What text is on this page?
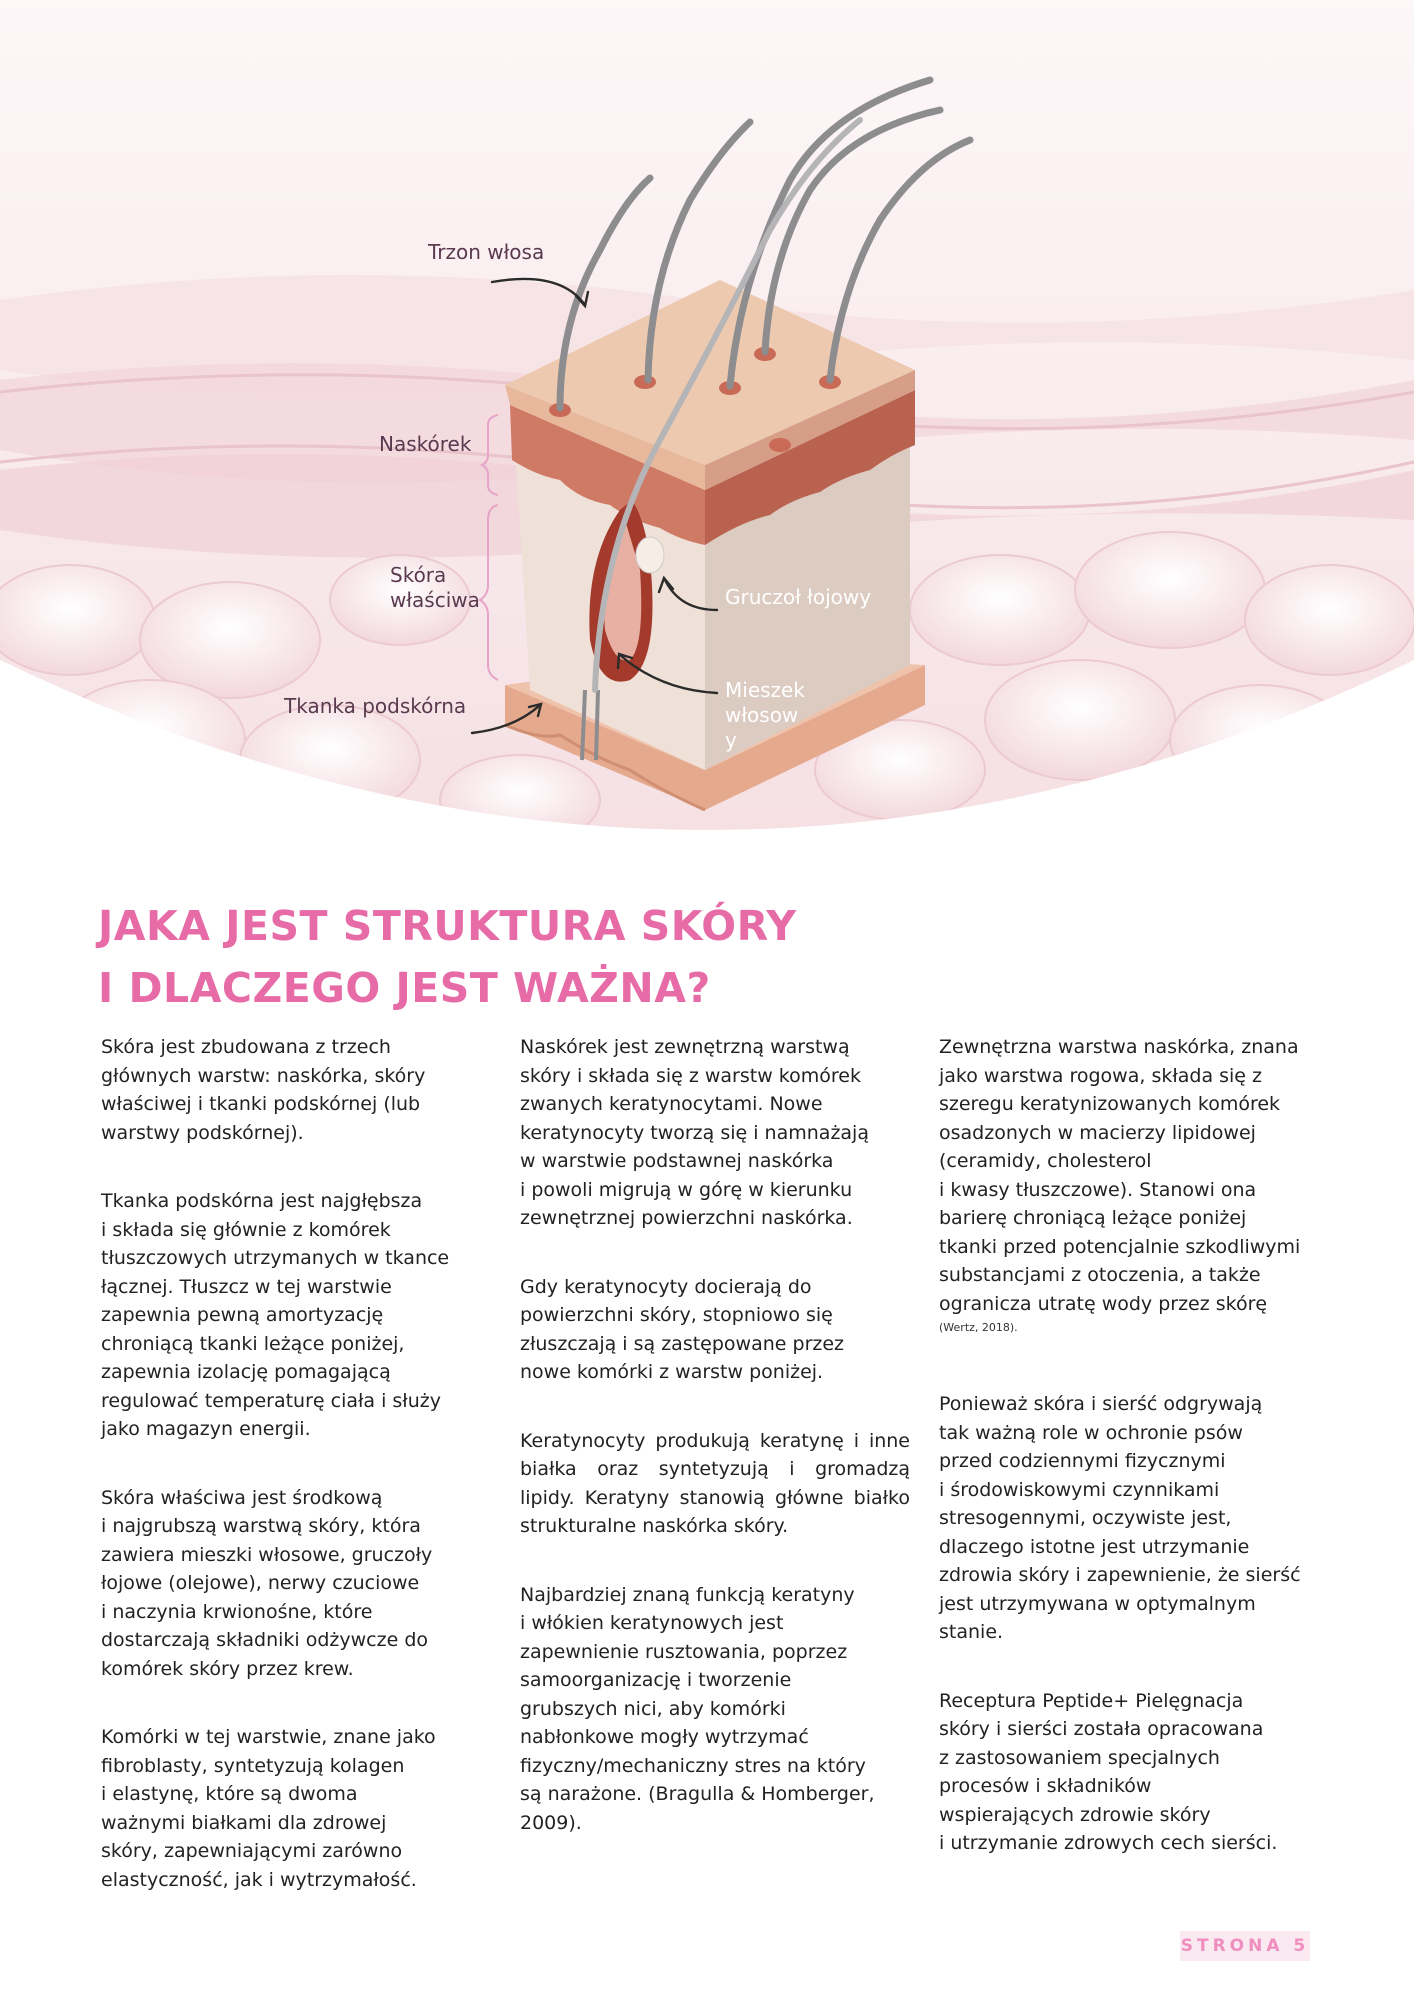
Trzon włosa
Naskórek
Skóra
właściwa
Tkanka podskórna
Gruczoł łojowy
Mieszek
włosow
y
JAKA JEST STRUKTURA SKÓRY
I DLACZEGO JEST WAŻNA?

Skóra jest zbudowana z trzech
głównych warstw: naskórka, skóry
właściwej i tkanki podskórnej (lub
warstwy podskórnej).

Tkanka podskórna jest najgłębsza
i składa się głównie z komórek
tłuszczowych utrzymanych w tkance
łącznej. Tłuszcz w tej warstwie
zapewnia pewną amortyzację
chroniącą tkanki leżące poniżej,
zapewnia izolację pomagającą
regulować temperaturę ciała i służy
jako magazyn energii.

Skóra właściwa jest środkową
i najgrubszą warstwą skóry, która
zawiera mieszki włosowe, gruczoły
łojowe (olejowe), nerwy czuciowe
i naczynia krwionośne, które
dostarczają składniki odżywcze do
komórek skóry przez krew.

Komórki w tej warstwie, znane jako
fibroblasty, syntetyzują kolagen
i elastynę, które są dwoma
ważnymi białkami dla zdrowej
skóry, zapewniającymi zarówno
elastyczność, jak i wytrzymałość.

Naskórek jest zewnętrzną warstwą
skóry i składa się z warstw komórek
zwanych keratynocytami. Nowe
keratynocyty tworzą się i namnażają
w warstwie podstawnej naskórka
i powoli migrują w górę w kierunku
zewnętrznej powierzchni naskórka.

Gdy keratynocyty docierają do
powierzchni skóry, stopniowo się
złuszczają i są zastępowane przez
nowe komórki z warstw poniżej.

Keratynocyty produkują keratynę i inne białka oraz syntetyzują i gromadzą lipidy. Keratyny stanowią główne białko strukturalne naskórka skóry.

Najbardziej znaną funkcją keratyny
i włókien keratynowych jest
zapewnienie rusztowania, poprzez
samoorganizację i tworzenie
grubszych nici, aby komórki
nabłonkowe mogły wytrzymać
fizyczny/mechaniczny stres na który
są narażone. (Bragulla & Homberger, 2009).

Zewnętrzna warstwa naskórka, znana
jako warstwa rogowa, składa się z
szeregu keratynizowanych komórek
osadzonych w macierzy lipidowej
(ceramidy, cholesterol
i kwasy tłuszczowe). Stanowi ona
barierę chroniącą leżące poniżej
tkanki przed potencjalnie szkodliwymi
substancjami z otoczenia, a także
ogranicza utratę wody przez skórę

(Wertz, 2018).

Ponieważ skóra i sierść odgrywają
tak ważną role w ochronie psów
przed codziennymi fizycznymi
i środowiskowymi czynnikami
stresogennymi, oczywiste jest,
dlaczego istotne jest utrzymanie
zdrowia skóry i zapewnienie, że sierść
jest utrzymywana w optymalnym
stanie.

Receptura Peptide+ Pielęgnacja
skóry i sierści została opracowana
z zastosowaniem specjalnych
procesów i składników
wspierających zdrowie skóry
i utrzymanie zdrowych cech sierści.

STRONA 5
